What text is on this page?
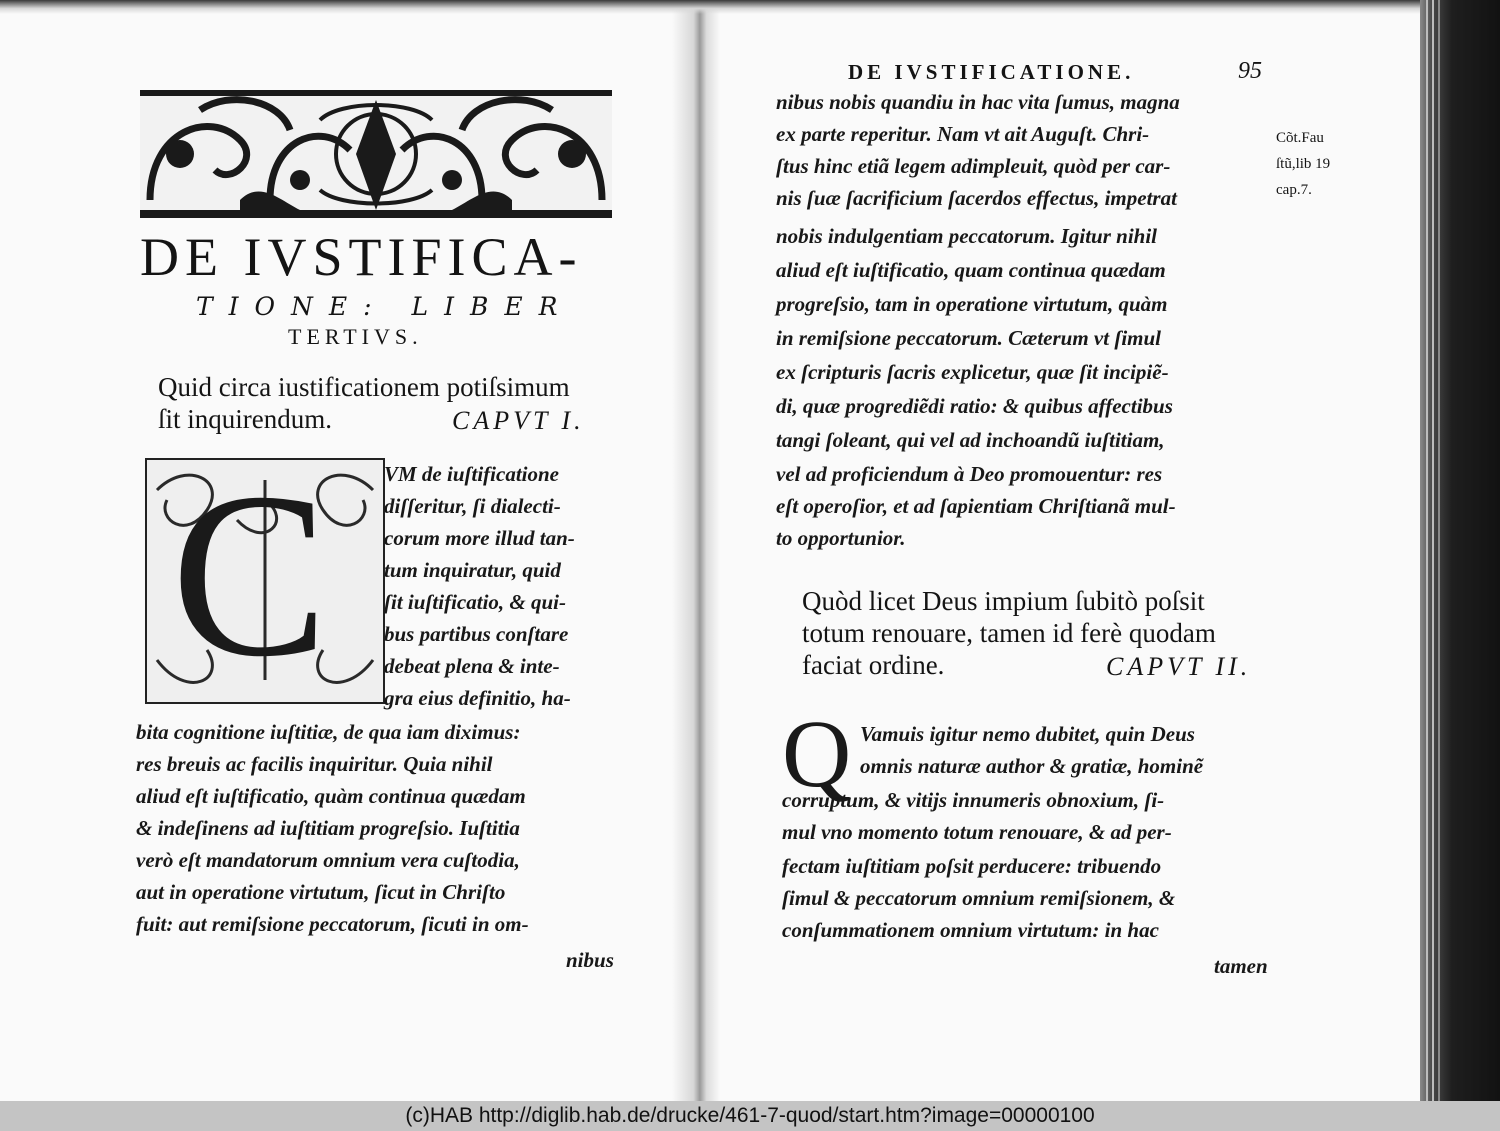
DE IVSTIFICA-
TIONE: LIBER
TERTIVS.
Quid circa iustificationem potiſsimum
ſit inquirendum.	CAPVT I.
C	VM de iuſtificatione
diſſeritur, ſi dialecti-
corum more illud tan-
tum inquiratur, quid
ſit iuſtificatio, & qui-
bus partibus conſtare
debeat plena & inte-
gra eius definitio, ha-
bita cognitione iuſtitiæ, de qua iam diximus:
res breuis ac facilis inquiritur. Quia nihil
aliud eſt iuſtificatio, quàm continua quædam
& indeſinens ad iuſtitiam progreſsio. Iuſtitia
verò eſt mandatorum omnium vera cuſtodia,
aut in operatione virtutum, ſicut in Chriſto
fuit: aut remiſsione peccatorum, ſicuti in om-
nibus
DE IVSTIFICATIONE.	95
Cõt.Fau
ſtũ,lib 19
cap.7.
nibus nobis quandiu in hac vita ſumus, magna
ex parte reperitur. Nam vt ait Auguſt. Chri-
ſtus hinc etiã legem adimpleuit, quòd per car-
nis ſuæ ſacrificium ſacerdos effectus, impetrat
nobis indulgentiam peccatorum. Igitur nihil
aliud eſt iuſtificatio, quam continua quædam
progreſsio, tam in operatione virtutum, quàm
in remiſsione peccatorum. Cæterum vt ſimul
ex ſcripturis ſacris explicetur, quæ ſit incipiẽ-
di, quæ progrediẽdi ratio: & quibus affectibus
tangi ſoleant, qui vel ad inchoandũ iuſtitiam,
vel ad proficiendum à Deo promouentur: res
eſt operoſior, et ad ſapientiam Chriſtianã mul-
to opportunior.
Quòd licet Deus impium ſubitò poſsit
totum renouare, tamen id ferè quodam
faciat ordine.	CAPVT II.
Q Vamuis igitur nemo dubitet, quin Deus
omnis naturæ author & gratiæ, hominẽ
corruptum, & vitijs innumeris obnoxium, ſi-
mul vno momento totum renouare, & ad per-
fectam iuſtitiam poſsit perducere: tribuendo
ſimul & peccatorum omnium remiſsionem, &
conſummationem omnium virtutum: in hac
tamen
(c)HAB http://diglib.hab.de/drucke/461-7-quod/start.htm?image=00000100
